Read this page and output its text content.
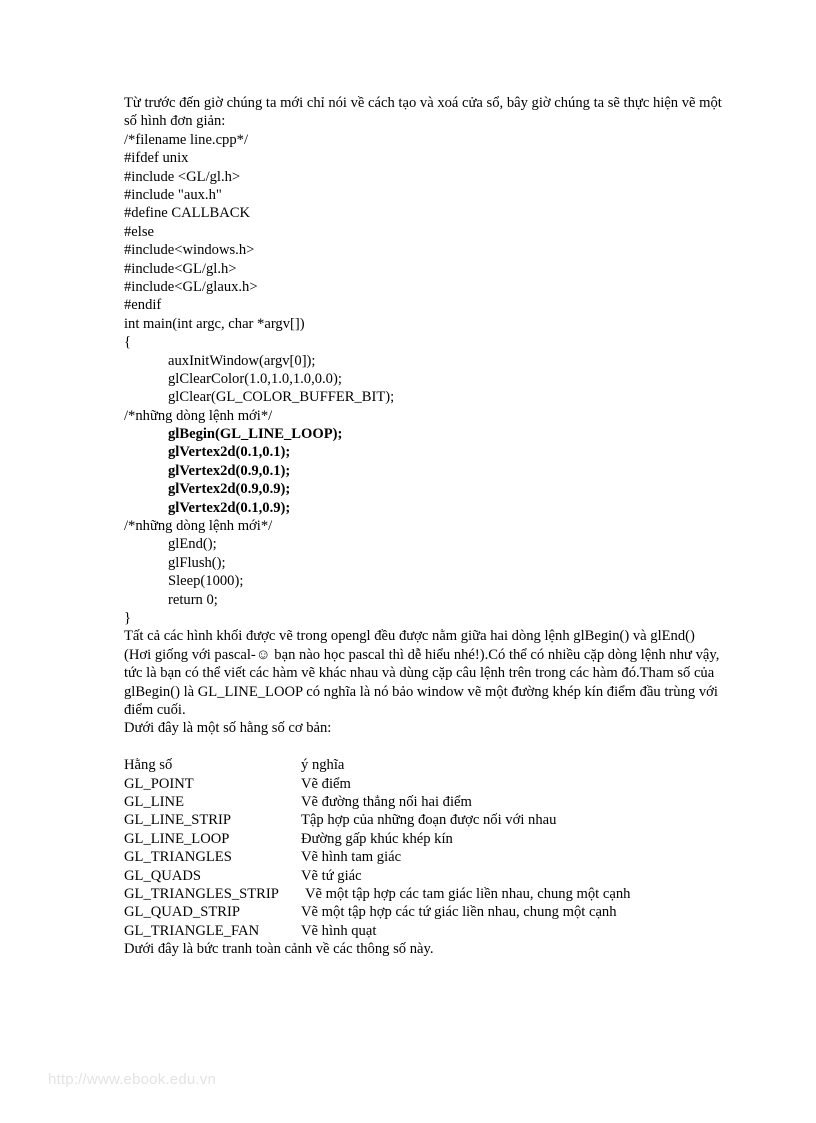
Từ trước đến giờ chúng ta mới chỉ nói về cách tạo và xoá cửa sổ, bây giờ chúng ta sẽ thực hiện vẽ một số hình đơn giản:
/*filename line.cpp*/
#ifdef unix
#include <GL/gl.h>
#include "aux.h"
#define CALLBACK
#else
#include<windows.h>
#include<GL/gl.h>
#include<GL/glaux.h>
#endif
int main(int argc, char *argv[])
{
auxInitWindow(argv[0]);
glClearColor(1.0,1.0,1.0,0.0);
glClear(GL_COLOR_BUFFER_BIT);
/*những dòng lệnh mới*/
glBegin(GL_LINE_LOOP);
glVertex2d(0.1,0.1);
glVertex2d(0.9,0.1);
glVertex2d(0.9,0.9);
glVertex2d(0.1,0.9);
/*những dòng lệnh mới*/
glEnd();
glFlush();
Sleep(1000);
return 0;
}
Tất cả các hình khối được vẽ trong opengl đều được nằm giữa hai dòng lệnh glBegin() và glEnd() (Hơi giống với pascal-☺ bạn nào học pascal thì dễ hiểu nhé!).Có thể có nhiều cặp dòng lệnh như vậy, tức là bạn có thể viết các hàm vẽ khác nhau và dùng cặp câu lệnh trên trong các hàm đó.Tham số của glBegin() là GL_LINE_LOOP có nghĩa là nó bảo window vẽ một đường khép kín điểm đầu trùng với điểm cuối.
Dưới đây là một số hằng số cơ bản:
Hằng số	ý nghĩa
GL_POINT	Vẽ điểm
GL_LINE	Vẽ đường thẳng nối hai điểm
GL_LINE_STRIP	Tập hợp của những đoạn được nối với nhau
GL_LINE_LOOP	Đường gấp khúc khép kín
GL_TRIANGLES	Vẽ hình tam giác
GL_QUADS	Vẽ tứ giác
GL_TRIANGLES_STRIP Vẽ một tập hợp các tam giác liền nhau, chung một cạnh
GL_QUAD_STRIP	Vẽ một tập hợp các tứ giác liền nhau, chung một cạnh
GL_TRIANGLE_FAN	Vẽ hình quạt
Dưới đây là bức tranh toàn cảnh về các thông số này.
http://www.ebook.edu.vn
